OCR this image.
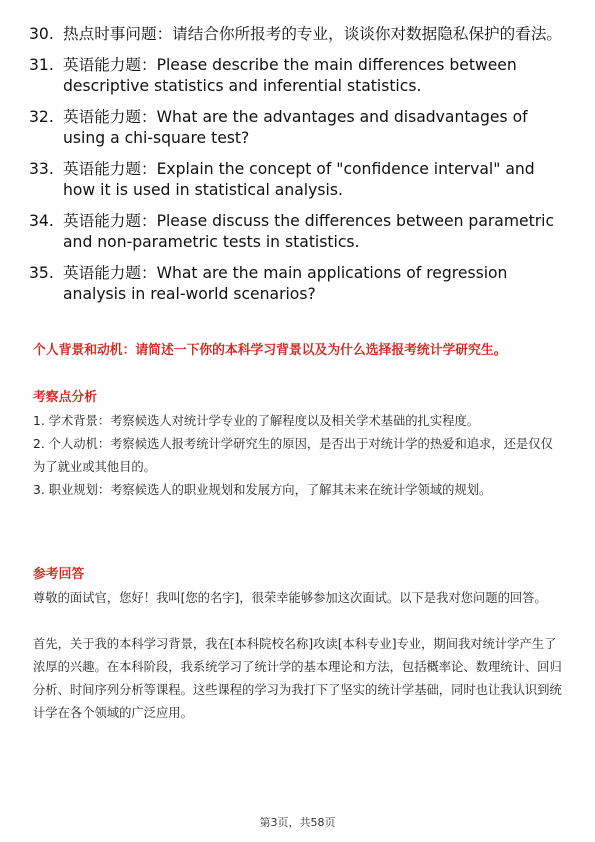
30. 热点时事问题：请结合你所报考的专业，谈谈你对数据隐私保护的看法。
31. 英语能力题：Please describe the main differences between descriptive statistics and inferential statistics.
32. 英语能力题：What are the advantages and disadvantages of using a chi-square test?
33. 英语能力题：Explain the concept of "confidence interval" and how it is used in statistical analysis.
34. 英语能力题：Please discuss the differences between parametric and non-parametric tests in statistics.
35. 英语能力题：What are the main applications of regression analysis in real-world scenarios?
个人背景和动机：请简述一下你的本科学习背景以及为什么选择报考统计学研究生。
考察点分析
1. 学术背景：考察候选人对统计学专业的了解程度以及相关学术基础的扎实程度。
2. 个人动机：考察候选人报考统计学研究生的原因，是否出于对统计学的热爱和追求，还是仅仅为了就业或其他目的。
3. 职业规划：考察候选人的职业规划和发展方向，了解其未来在统计学领域的规划。
参考回答
尊敬的面试官，您好！我叫[您的名字]，很荣幸能够参加这次面试。以下是我对您问题的回答。
首先，关于我的本科学习背景，我在[本科院校名称]攻读[本科专业]专业，期间我对统计学产生了浓厚的兴趣。在本科阶段，我系统学习了统计学的基本理论和方法，包括概率论、数理统计、回归分析、时间序列分析等课程。这些课程的学习为我打下了坚实的统计学基础，同时也让我认识到统计学在各个领域的广泛应用。
第3页，共58页
